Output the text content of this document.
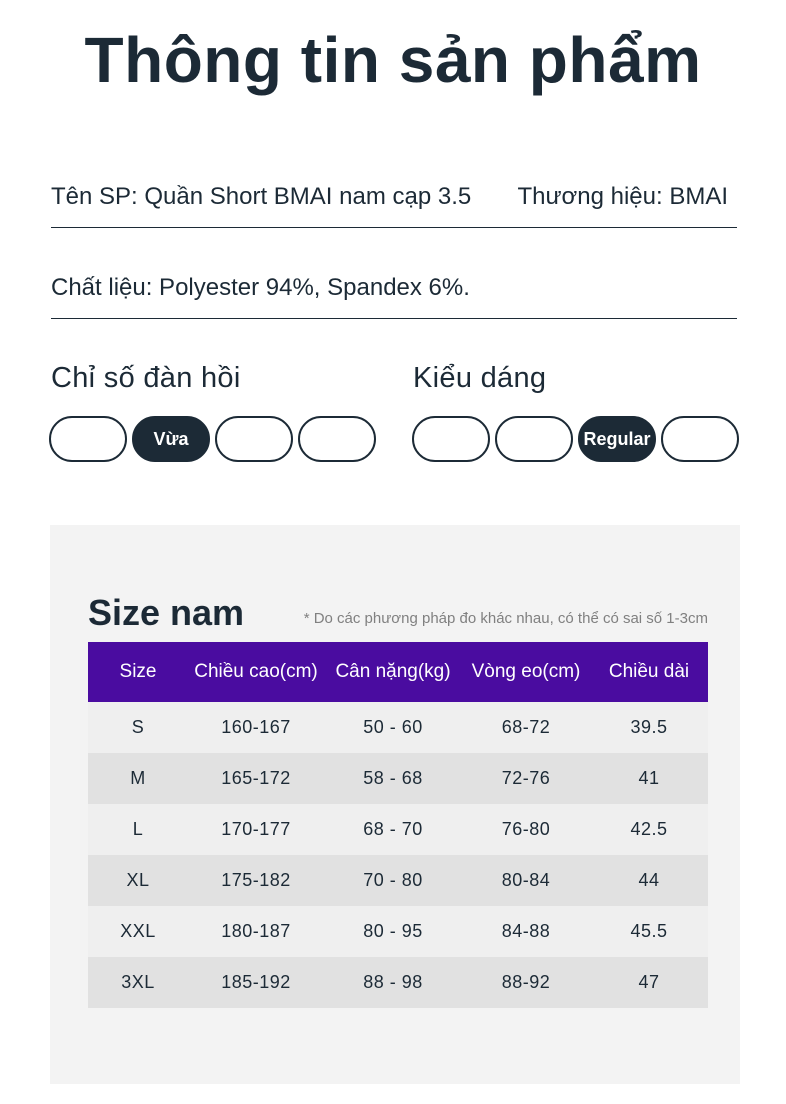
Thông tin sản phẩm
Tên SP: Quần Short BMAI nam cạp 3.5 Thương hiệu: BMAI
Chất liệu: Polyester 94%, Spandex 6%.
Chỉ số đàn hồi	Kiểu dáng
Vừa	Regular
Size nam	* Do các phương pháp đo khác nhau, có thể có sai số 1-3cm
Size	Chiều cao(cm)	Cân nặng(kg)	Vòng eo(cm)	Chiều dài
S	160-167	50 - 60	68-72	39.5
M	165-172	58 - 68	72-76	41
L	170-177	68 - 70	76-80	42.5
XL	175-182	70 - 80	80-84	44
XXL	180-187	80 - 95	84-88	45.5
3XL	185-192	88 - 98	88-92	47
